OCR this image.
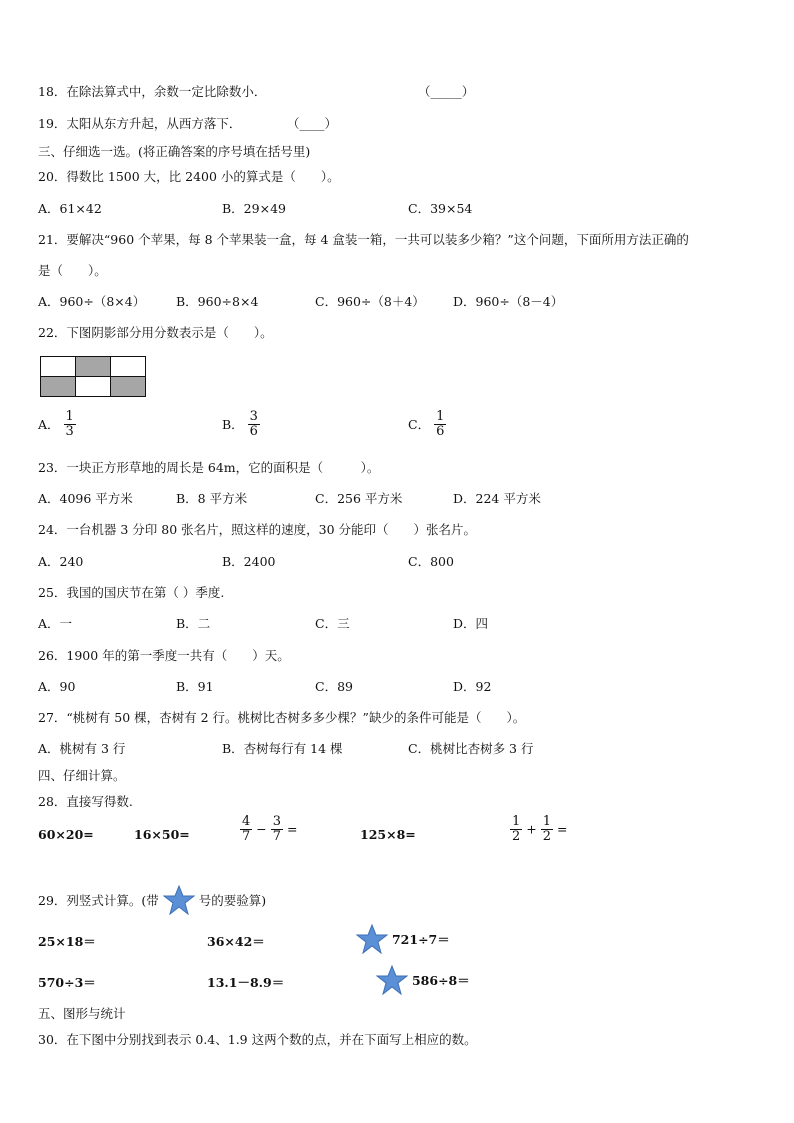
18．在除法算式中，余数一定比除数小．	（_____）
19．太阳从东方升起，从西方落下．	（____）
三、仔细选一选。(将正确答案的序号填在括号里)
20．得数比 1500 大，比 2400 小的算式是（　　）。
A．61×42	B．29×49	C．39×54
21．要解决“960 个苹果，每 8 个苹果装一盒，每 4 盒装一箱，一共可以装多少箱？”这个问题，下面所用方法正确的
是（　　）。
A．960÷（8×4） B．960÷8×4	C．960÷（8＋4） D．960÷（8－4）
22．下图阴影部分用分数表示是（　　）。

A． $\frac{1}{3}$	B． $\frac{3}{6}$	C． $\frac{1}{6}$
23．一块正方形草地的周长是 64m，它的面积是（　　　）。
A．4096 平方米	B．8 平方米	C．256 平方米	D．224 平方米
24．一台机器 3 分印 80 张名片，照这样的速度，30 分能印（　　）张名片。
A．240	B．2400	C．800
25．我国的国庆节在第（ ）季度.
A．一	B．二	C．三	D．四
26．1900 年的第一季度一共有（　　）天。
A．90	B．91	C．89	D．92
27．“桃树有 50 棵，杏树有 2 行。桃树比杏树多多少棵？”缺少的条件可能是（　　）。
A．桃树有 3 行	B．杏树每行有 14 棵	C．桃树比杏树多 3 行
四、仔细计算。
28．直接写得数.
60×20=	16×50=	$\frac{4}{7} - \frac{3}{7}$ =	125×8=	$\frac{1}{2} + \frac{1}{2}$ =
29．列竖式计算。(带	号的要验算)
25×18＝	36×42＝	721÷7＝
570÷3＝	13.1－8.9＝	586÷8＝
五、图形与统计
30．在下图中分别找到表示 0.4、1.9 这两个数的点，并在下面写上相应的数。
